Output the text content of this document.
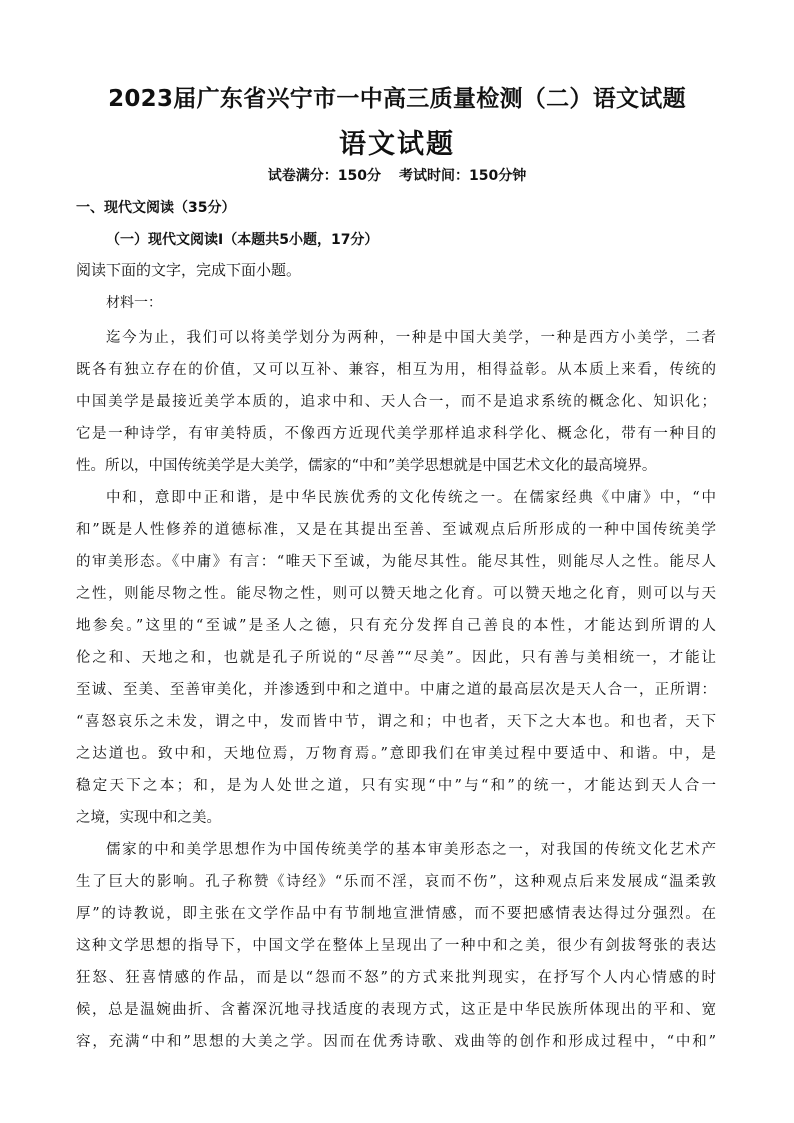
2023届广东省兴宁市一中高三质量检测（二）语文试题
语文试题
试卷满分：150分 考试时间：150分钟
一、现代文阅读（35分）
（一）现代文阅读Ⅰ（本题共5小题，17分）
阅读下面的文字，完成下面小题。
材料一：
迄今为止，我们可以将美学划分为两种，一种是中国大美学，一种是西方小美学，二者
既各有独立存在的价值，又可以互补、兼容，相互为用，相得益彰。从本质上来看，传统的
中国美学是最接近美学本质的，追求中和、天人合一，而不是追求系统的概念化、知识化；
它是一种诗学，有审美特质，不像西方近现代美学那样追求科学化、概念化，带有一种目的
性。所以，中国传统美学是大美学，儒家的“中和”美学思想就是中国艺术文化的最高境界。
中和，意即中正和谐，是中华民族优秀的文化传统之一。在儒家经典《中庸》中，“中
和”既是人性修养的道德标准，又是在其提出至善、至诚观点后所形成的一种中国传统美学
的审美形态。《中庸》有言：“唯天下至诚，为能尽其性。能尽其性，则能尽人之性。能尽人
之性，则能尽物之性。能尽物之性，则可以赞天地之化育。可以赞天地之化育，则可以与天
地参矣。”这里的“至诚”是圣人之德，只有充分发挥自己善良的本性，才能达到所谓的人
伦之和、天地之和，也就是孔子所说的“尽善”“尽美”。因此，只有善与美相统一，才能让
至诚、至美、至善审美化，并渗透到中和之道中。中庸之道的最高层次是天人合一，正所谓：
“喜怒哀乐之未发，谓之中，发而皆中节，谓之和；中也者，天下之大本也。和也者，天下
之达道也。致中和，天地位焉，万物育焉。”意即我们在审美过程中要适中、和谐。中，是
稳定天下之本；和，是为人处世之道，只有实现“中”与“和”的统一，才能达到天人合一
之境，实现中和之美。
儒家的中和美学思想作为中国传统美学的基本审美形态之一，对我国的传统文化艺术产
生了巨大的影响。孔子称赞《诗经》“乐而不淫，哀而不伤”，这种观点后来发展成“温柔敦
厚”的诗教说，即主张在文学作品中有节制地宣泄情感，而不要把感情表达得过分强烈。在
这种文学思想的指导下，中国文学在整体上呈现出了一种中和之美，很少有剑拔弩张的表达
狂怒、狂喜情感的作品，而是以“怨而不怒”的方式来批判现实，在抒写个人内心情感的时
候，总是温婉曲折、含蓄深沉地寻找适度的表现方式，这正是中华民族所体现出的平和、宽
容，充满“中和”思想的大美之学。因而在优秀诗歌、戏曲等的创作和形成过程中，“中和”
